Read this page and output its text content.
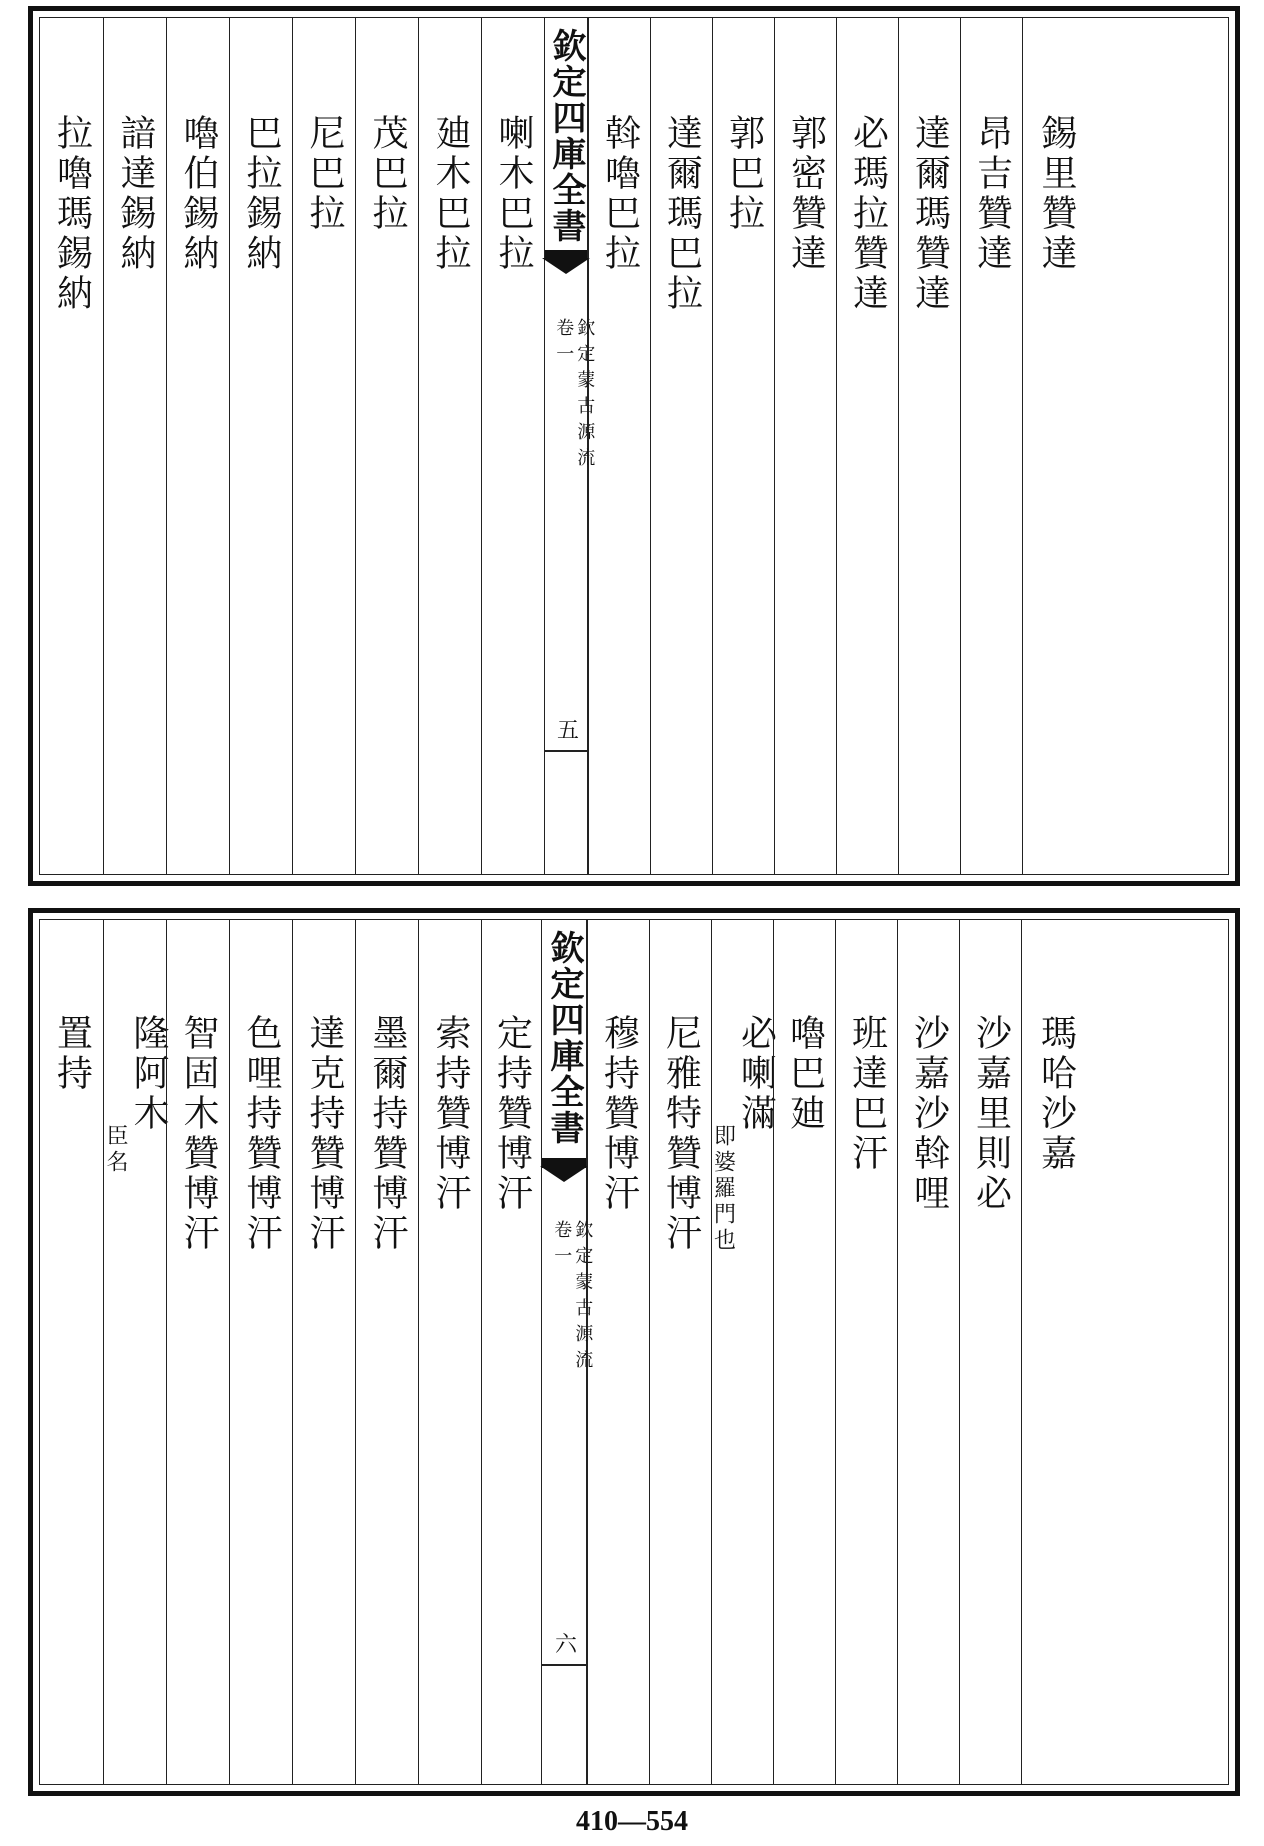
拉嚕瑪錫納 諳達錫納 嚕伯錫納 巴拉錫納 尼巴拉 茂巴拉 廸木巴拉 喇木巴拉 欽定四庫全書
欽定蒙古源流
卷一
五
斡嚕巴拉 達爾瑪巴拉 郭巴拉 郭密贊達 必瑪拉贊達 達爾瑪贊達 昂吉贊達 錫里贊達
置持 隆阿木
臣名 智固木贊博汗 色哩持贊博汗 達克持贊博汗 墨爾持贊博汗 索持贊博汗 定持贊博汗 欽定四庫全書
欽定蒙古源流
卷一
六
穆持贊博汗 尼雅特贊博汗 必喇滿
即婆羅門也
嚕巴廸 班達巴汗 沙嘉沙斡哩 沙嘉里則必 瑪哈沙嘉
410—554
